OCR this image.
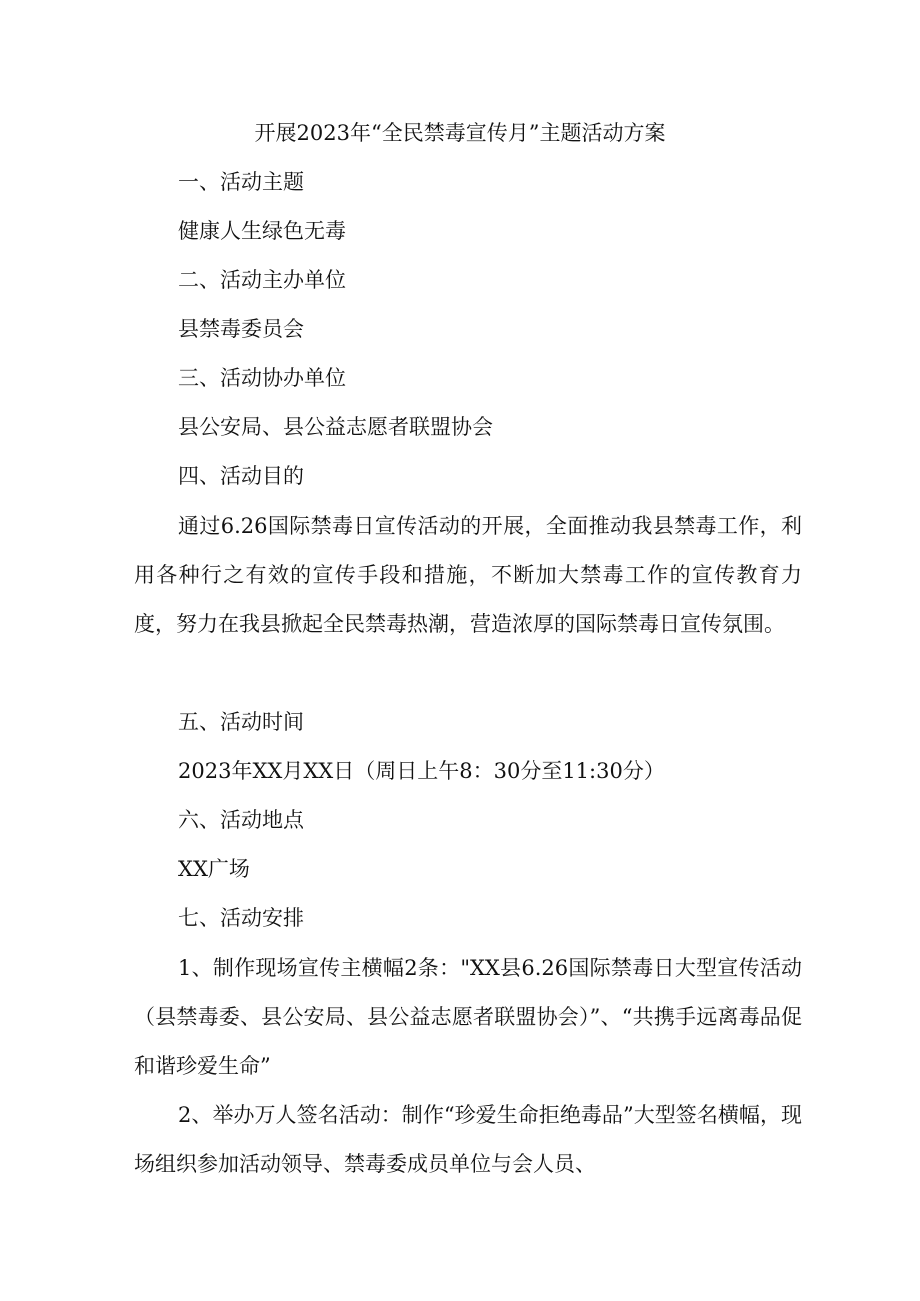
开展2023年“全民禁毒宣传月”主题活动方案
一、活动主题
健康人生绿色无毒
二、活动主办单位
县禁毒委员会
三、活动协办单位
县公安局、县公益志愿者联盟协会
四、活动目的
通过6.26国际禁毒日宣传活动的开展，全面推动我县禁毒工作，利用各种行之有效的宣传手段和措施，不断加大禁毒工作的宣传教育力度，努力在我县掀起全民禁毒热潮，营造浓厚的国际禁毒日宣传氛围。
五、活动时间
2023年XX月XX日（周日上午8：30分至11:30分）
六、活动地点
XX广场
七、活动安排
1、制作现场宣传主横幅2条："XX县6.26国际禁毒日大型宣传活动（县禁毒委、县公安局、县公益志愿者联盟协会）”、“共携手远离毒品促和谐珍爱生命”
2、举办万人签名活动：制作“珍爱生命拒绝毒品”大型签名横幅，现场组织参加活动领导、禁毒委成员单位与会人员、
